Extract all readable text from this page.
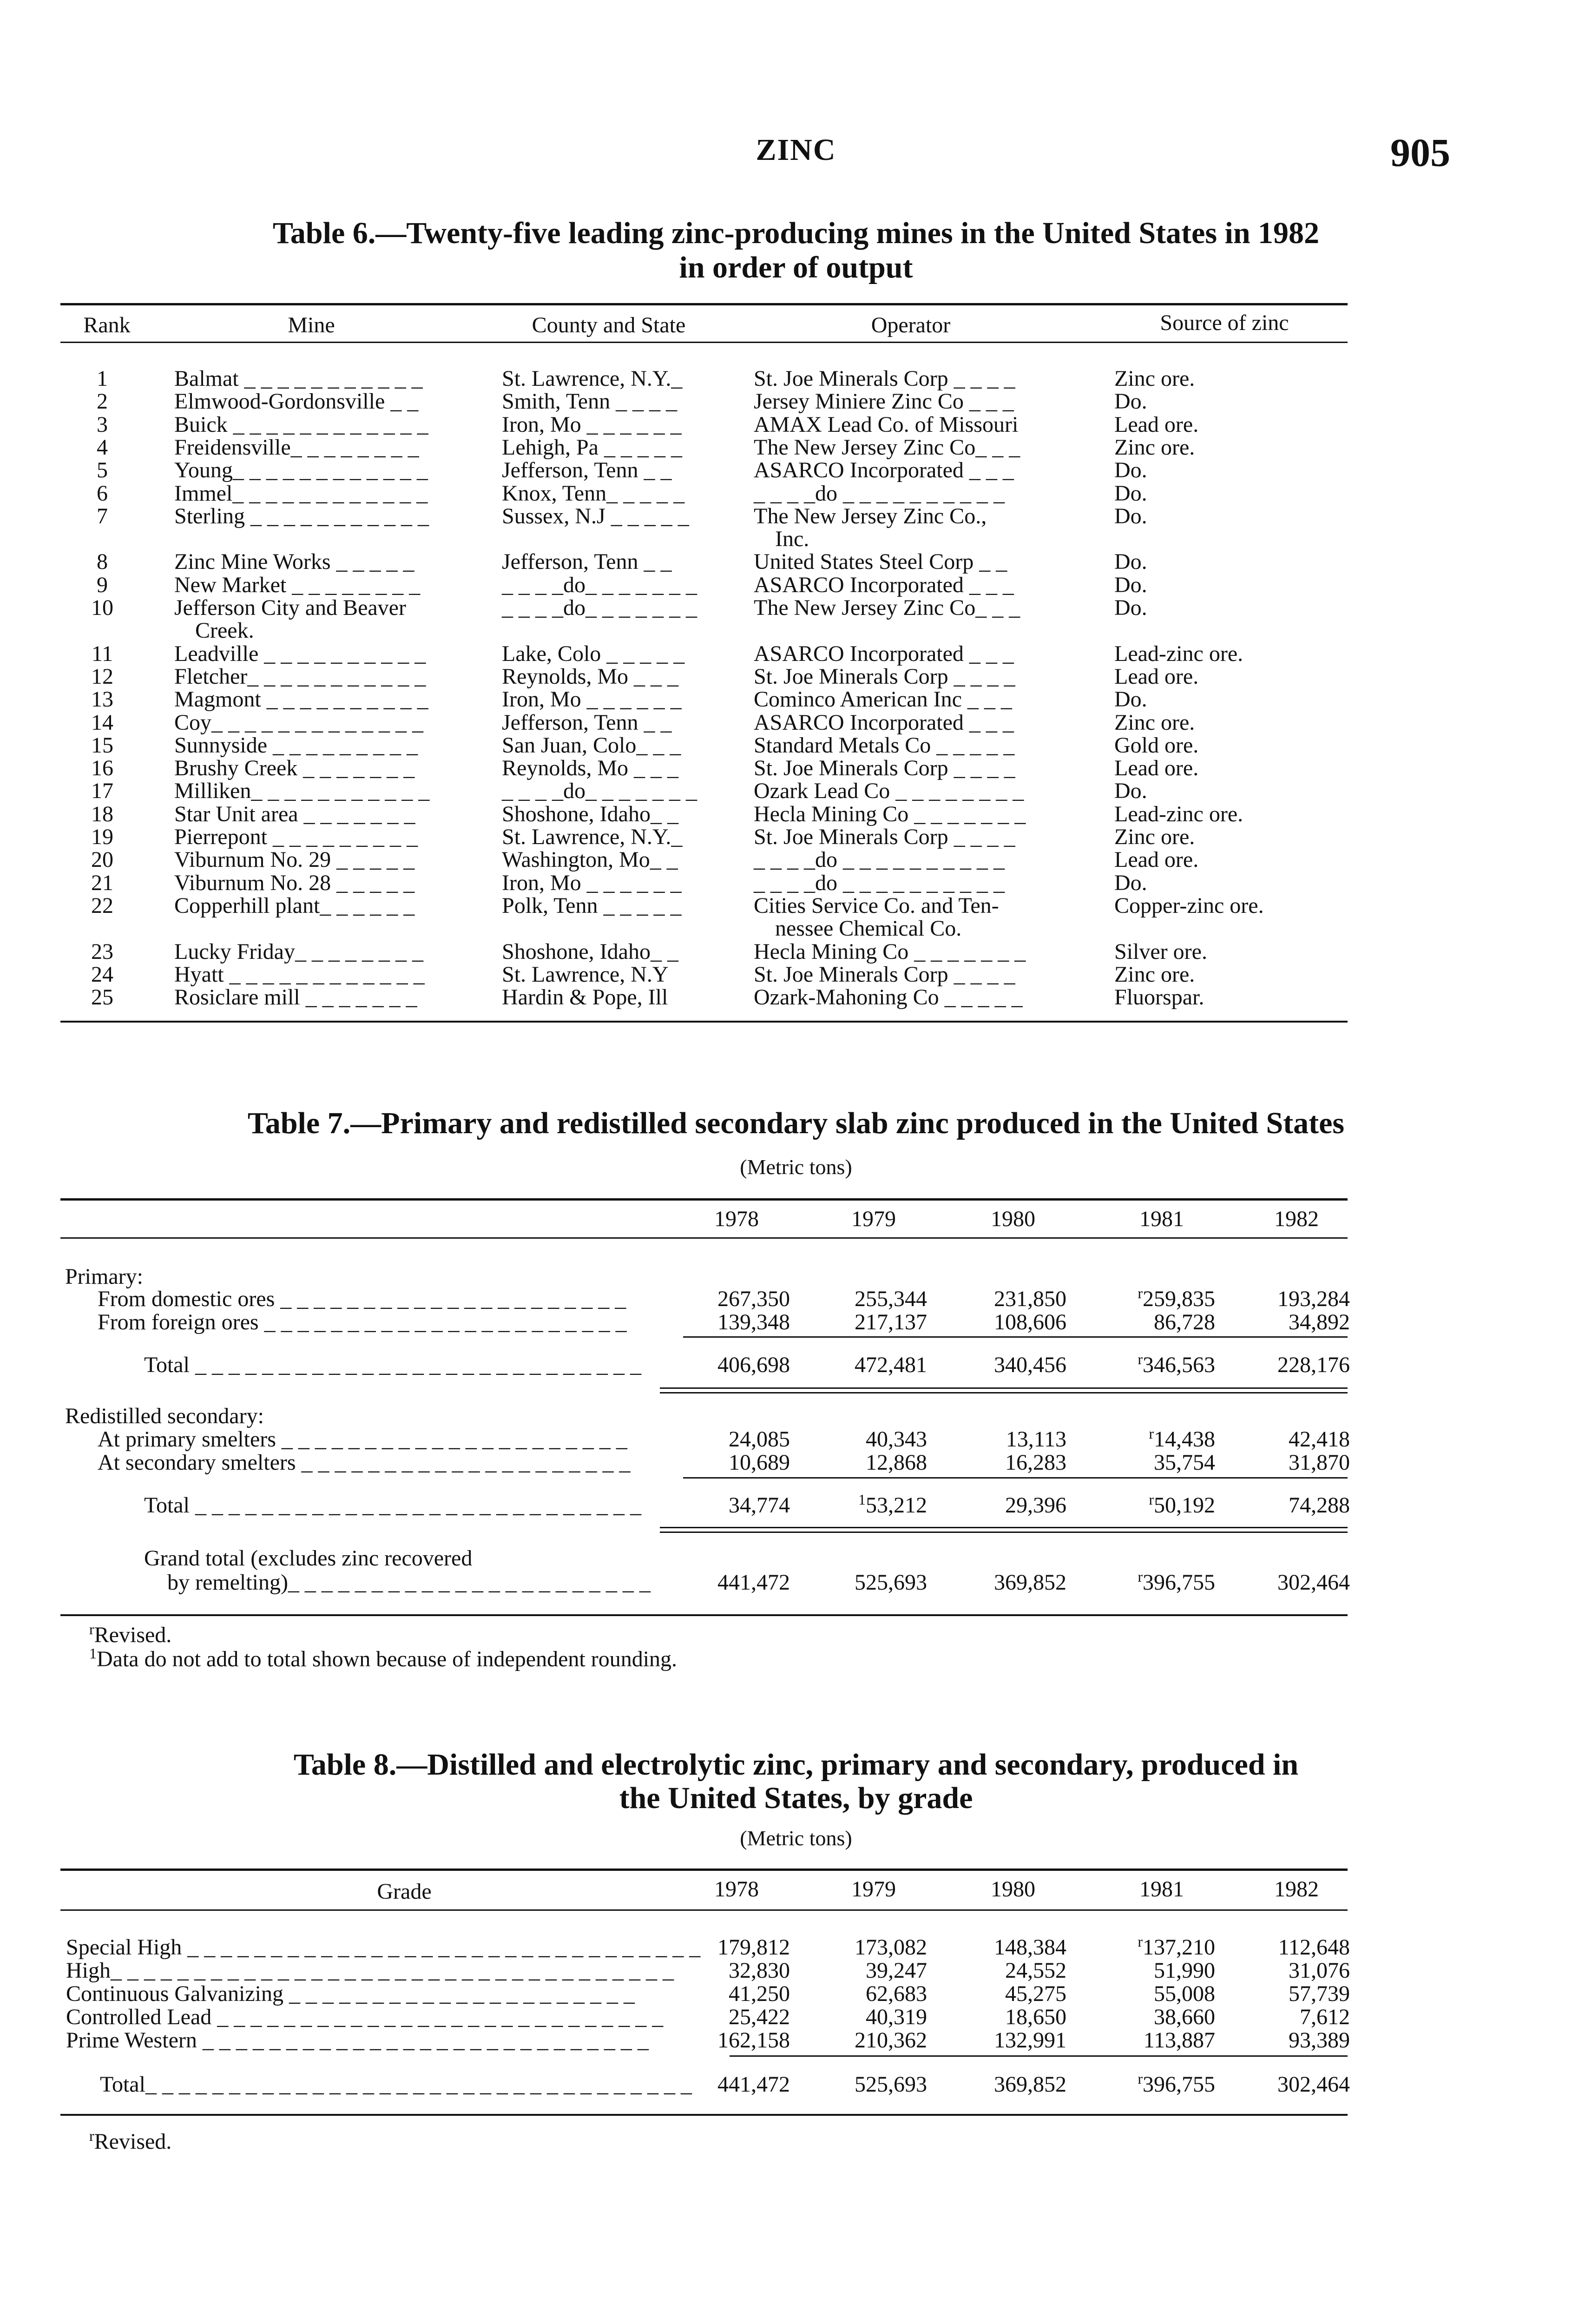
ZINC	905
Table 6.—Twenty-five leading zinc-producing mines in the United States in 1982
in order of output
Rank	Mine	County and State	Operator	Source of zinc
1	Balmat _ _ _ _ _ _ _ _ _ _ _	St. Lawrence, N.Y._	St. Joe Minerals Corp _ _ _ _	Zinc ore.
2	Elmwood-Gordonsville _ _	Smith, Tenn _ _ _ _	Jersey Miniere Zinc Co _ _ _	Do.
3	Buick _ _ _ _ _ _ _ _ _ _ _ _	Iron, Mo _ _ _ _ _ _	AMAX Lead Co. of Missouri	Lead ore.
4	Freidensville_ _ _ _ _ _ _ _	Lehigh, Pa _ _ _ _ _	The New Jersey Zinc Co_ _ _	Zinc ore.
5	Young_ _ _ _ _ _ _ _ _ _ _ _	Jefferson, Tenn _ _	ASARCO Incorporated _ _ _	Do.
6	Immel_ _ _ _ _ _ _ _ _ _ _ _	Knox, Tenn_ _ _ _ _	_ _ _ _do _ _ _ _ _ _ _ _ _ _	Do.
7	Sterling _ _ _ _ _ _ _ _ _ _ _	Sussex, N.J _ _ _ _ _	The New Jersey Zinc Co.,	Do.
Inc.
8	Zinc Mine Works _ _ _ _ _	Jefferson, Tenn _ _	United States Steel Corp _ _	Do.
9	New Market _ _ _ _ _ _ _ _	_ _ _ _do_ _ _ _ _ _ _	ASARCO Incorporated _ _ _	Do.
10	Jefferson City and Beaver	_ _ _ _do_ _ _ _ _ _ _	The New Jersey Zinc Co_ _ _	Do.
Creek.
11	Leadville _ _ _ _ _ _ _ _ _ _	Lake, Colo _ _ _ _ _	ASARCO Incorporated _ _ _	Lead-zinc ore.
12	Fletcher_ _ _ _ _ _ _ _ _ _ _	Reynolds, Mo _ _ _	St. Joe Minerals Corp _ _ _ _	Lead ore.
13	Magmont _ _ _ _ _ _ _ _ _ _	Iron, Mo _ _ _ _ _ _	Cominco American Inc _ _ _	Do.
14	Coy_ _ _ _ _ _ _ _ _ _ _ _ _	Jefferson, Tenn _ _	ASARCO Incorporated _ _ _	Zinc ore.
15	Sunnyside _ _ _ _ _ _ _ _ _	San Juan, Colo_ _ _	Standard Metals Co _ _ _ _ _	Gold ore.
16	Brushy Creek _ _ _ _ _ _ _	Reynolds, Mo _ _ _	St. Joe Minerals Corp _ _ _ _	Lead ore.
17	Milliken_ _ _ _ _ _ _ _ _ _ _	_ _ _ _do_ _ _ _ _ _ _	Ozark Lead Co _ _ _ _ _ _ _ _	Do.
18	Star Unit area _ _ _ _ _ _ _	Shoshone, Idaho_ _	Hecla Mining Co _ _ _ _ _ _ _	Lead-zinc ore.
19	Pierrepont _ _ _ _ _ _ _ _ _	St. Lawrence, N.Y._	St. Joe Minerals Corp _ _ _ _	Zinc ore.
20	Viburnum No. 29 _ _ _ _ _	Washington, Mo_ _	_ _ _ _do _ _ _ _ _ _ _ _ _ _	Lead ore.
21	Viburnum No. 28 _ _ _ _ _	Iron, Mo _ _ _ _ _ _	_ _ _ _do _ _ _ _ _ _ _ _ _ _	Do.
22	Copperhill plant_ _ _ _ _ _	Polk, Tenn _ _ _ _ _	Cities Service Co. and Ten-	Copper-zinc ore.
nessee Chemical Co.
23	Lucky Friday_ _ _ _ _ _ _ _	Shoshone, Idaho_ _	Hecla Mining Co _ _ _ _ _ _ _	Silver ore.
24	Hyatt _ _ _ _ _ _ _ _ _ _ _ _	St. Lawrence, N.Y	St. Joe Minerals Corp _ _ _ _	Zinc ore.
25	Rosiclare mill _ _ _ _ _ _ _	Hardin & Pope, Ill	Ozark-Mahoning Co _ _ _ _ _	Fluorspar.
Table 7.—Primary and redistilled secondary slab zinc produced in the United States
(Metric tons)
1978	1979	1980	1981	1982
Primary:
From domestic ores _ _ _ _ _ _ _ _ _ _ _ _ _ _ _ _ _ _ _ _ _	267,350	255,344	231,850	$^r$259,835	193,284
From foreign ores _ _ _ _ _ _ _ _ _ _ _ _ _ _ _ _ _ _ _ _ _ _	139,348	217,137	108,606	86,728	34,892
Total _ _ _ _ _ _ _ _ _ _ _ _ _ _ _ _ _ _ _ _ _ _ _ _ _ _ _	406,698	472,481	340,456	$^r$346,563	228,176
At primary smelters _ _ _ _ _ _ _ _ _ _ _ _ _ _ _ _ _ _ _ _ _	24,085	40,343	13,113	$^r$14,438	42,418
At secondary smelters _ _ _ _ _ _ _ _ _ _ _ _ _ _ _ _ _ _ _ _	10,689	12,868	16,283	35,754	31,870
Total _ _ _ _ _ _ _ _ _ _ _ _ _ _ _ _ _ _ _ _ _ _ _ _ _ _ _	34,774	$^1$53,212	29,396	$^r$50,192	74,288
Grand total (excludes zinc recovered
by remelting)_ _ _ _ _ _ _ _ _ _ _ _ _ _ _ _ _ _ _ _ _ _	441,472	525,693	369,852	$^r$396,755	302,464
Redistilled secondary:
$^r$Revised.
$^1$Data do not add to total shown because of independent rounding.
Table 8.—Distilled and electrolytic zinc, primary and secondary, produced in
the United States, by grade
(Metric tons)
Grade	1978	1979	1980	1981	1982
Special High _ _ _ _ _ _ _ _ _ _ _ _ _ _ _ _ _ _ _ _ _ _ _ _ _ _ _ _ _ _ _ 179,812	173,082	148,384	$^r$137,210	112,648
High_ _ _ _ _ _ _ _ _ _ _ _ _ _ _ _ _ _ _ _ _ _ _ _ _ _ _ _ _ _ _ _ _ _	32,830	39,247	24,552	51,990	31,076
Continuous Galvanizing _ _ _ _ _ _ _ _ _ _ _ _ _ _ _ _ _ _ _ _ _	41,250	62,683	45,275	55,008	57,739
Controlled Lead _ _ _ _ _ _ _ _ _ _ _ _ _ _ _ _ _ _ _ _ _ _ _ _ _ _ _	25,422	40,319	18,650	38,660	7,612
Prime Western _ _ _ _ _ _ _ _ _ _ _ _ _ _ _ _ _ _ _ _ _ _ _ _ _ _ _	162,158	210,362	132,991	113,887	93,389
Total_ _ _ _ _ _ _ _ _ _ _ _ _ _ _ _ _ _ _ _ _ _ _ _ _ _ _ _ _ _ _ _ _	441,472	525,693	369,852	$^r$396,755	302,464
$^r$Revised.
